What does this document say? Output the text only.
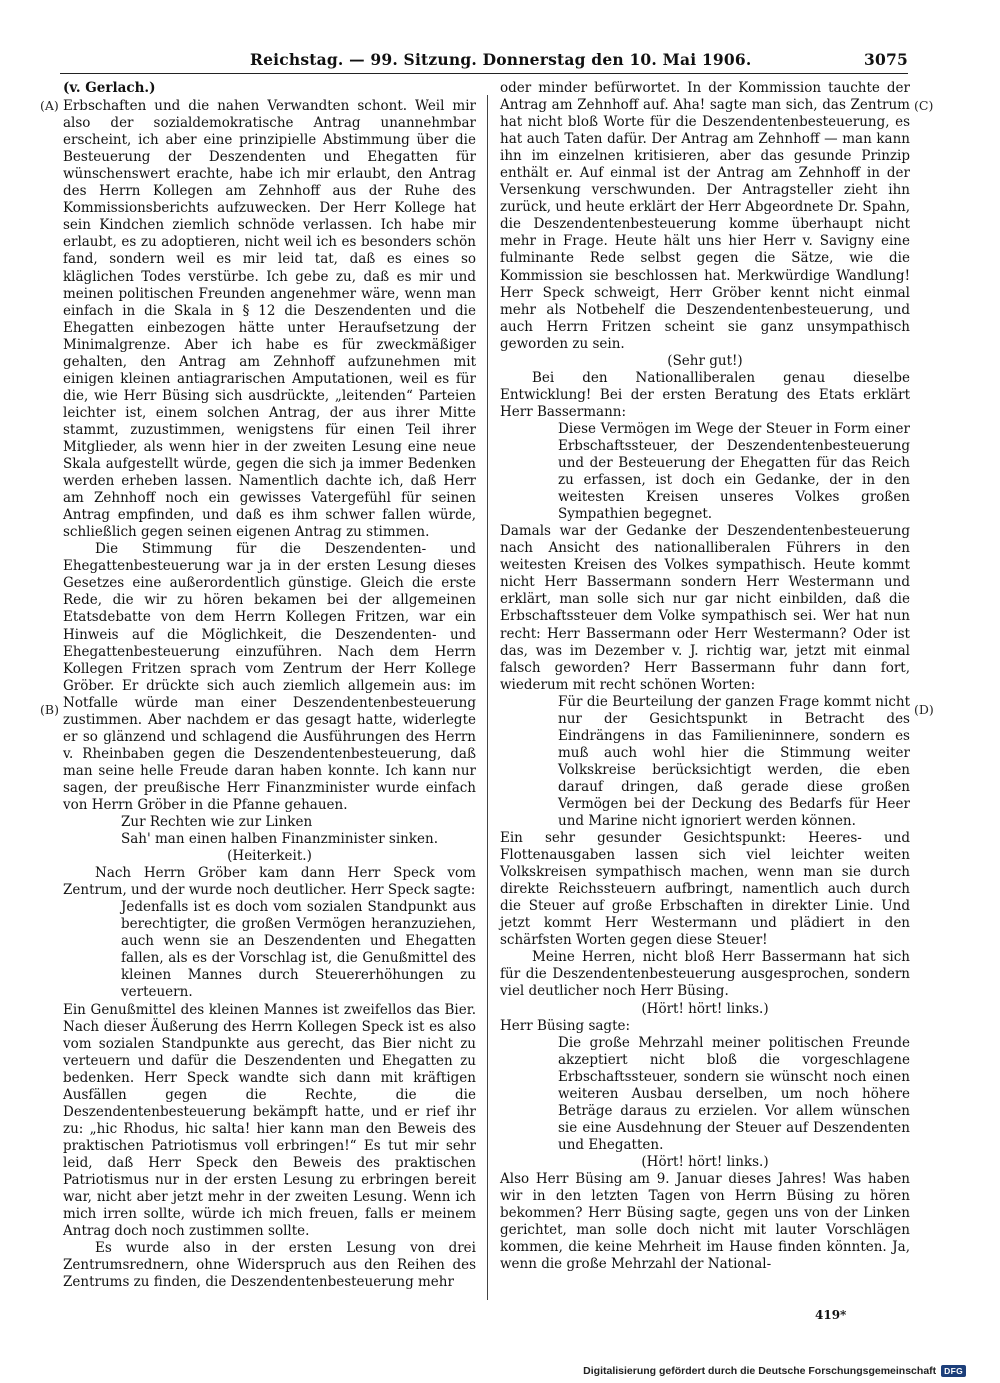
Reichstag. — 99. Sitzung. Donnerstag den 10. Mai 1906.	3075
(A)
(B)
(C)
(D)

(v. Gerlach.)

Erbschaften und die nahen Verwandten schont. Weil mir also der sozialdemokratische Antrag unannehmbar erscheint, ich aber eine prinzipielle Abstimmung über die Besteuerung der Deszendenten und Ehegatten für wünschenswert erachte, habe ich mir erlaubt, den Antrag des Herrn Kollegen am Zehnhoff aus der Ruhe des Kommissionsberichts aufzuwecken. Der Herr Kollege hat sein Kindchen ziemlich schnöde verlassen. Ich habe mir erlaubt, es zu adoptieren, nicht weil ich es besonders schön fand, sondern weil es mir leid tat, daß es eines so kläglichen Todes verstürbe. Ich gebe zu, daß es mir und meinen politischen Freunden angenehmer wäre, wenn man einfach in die Skala in § 12 die Deszendenten und die Ehegatten einbezogen hätte unter Heraufsetzung der Minimalgrenze. Aber ich habe es für zweckmäßiger gehalten, den Antrag am Zehnhoff aufzunehmen mit einigen kleinen antiagrarischen Amputationen, weil es für die, wie Herr Büsing sich ausdrückte, „leitenden“ Parteien leichter ist, einem solchen Antrag, der aus ihrer Mitte stammt, zuzustimmen, wenigstens für einen Teil ihrer Mitglieder, als wenn hier in der zweiten Lesung eine neue Skala aufgestellt würde, gegen die sich ja immer Bedenken werden erheben lassen. Namentlich dachte ich, daß Herr am Zehnhoff noch ein gewisses Vatergefühl für seinen Antrag empfinden, und daß es ihm schwer fallen würde, schließlich gegen seinen eigenen Antrag zu stimmen.

Die Stimmung für die Deszendenten- und Ehegattenbesteuerung war ja in der ersten Lesung dieses Gesetzes eine außerordentlich günstige. Gleich die erste Rede, die wir zu hören bekamen bei der allgemeinen Etatsdebatte von dem Herrn Kollegen Fritzen, war ein Hinweis auf die Möglichkeit, die Deszendenten- und Ehegattenbesteuerung einzuführen. Nach dem Herrn Kollegen Fritzen sprach vom Zentrum der Herr Kollege Gröber. Er drückte sich auch ziemlich allgemein aus: im Notfalle würde man einer Deszendentenbesteuerung zustimmen. Aber nachdem er das gesagt hatte, widerlegte er so glänzend und schlagend die Ausführungen des Herrn v. Rheinbaben gegen die Deszendentenbesteuerung, daß man seine helle Freude daran haben konnte. Ich kann nur sagen, der preußische Herr Finanzminister wurde einfach von Herrn Gröber in die Pfanne gehauen.

Zur Rechten wie zur Linken

Sah' man einen halben Finanzminister sinken.

(Heiterkeit.)

Nach Herrn Gröber kam dann Herr Speck vom Zentrum, und der wurde noch deutlicher. Herr Speck sagte:

Jedenfalls ist es doch vom sozialen Standpunkt aus berechtigter, die großen Vermögen heranzuziehen, auch wenn sie an Deszendenten und Ehegatten fallen, als es der Vorschlag ist, die Genußmittel des kleinen Mannes durch Steuererhöhungen zu verteuern.

Ein Genußmittel des kleinen Mannes ist zweifellos das Bier. Nach dieser Äußerung des Herrn Kollegen Speck ist es also vom sozialen Standpunkte aus gerecht, das Bier nicht zu verteuern und dafür die Deszendenten und Ehegatten zu bedenken. Herr Speck wandte sich dann mit kräftigen Ausfällen gegen die Rechte, die die Deszendentenbesteuerung bekämpft hatte, und er rief ihr zu: „hic Rhodus, hic salta! hier kann man den Beweis des praktischen Patriotismus voll erbringen!“ Es tut mir sehr leid, daß Herr Speck den Beweis des praktischen Patriotismus nur in der ersten Lesung zu erbringen bereit war, nicht aber jetzt mehr in der zweiten Lesung. Wenn ich mich irren sollte, würde ich mich freuen, falls er meinem Antrag doch noch zustimmen sollte.

Es wurde also in der ersten Lesung von drei Zentrumsrednern, ohne Widerspruch aus den Reihen des Zentrums zu finden, die Deszendentenbesteuerung mehr

oder minder befürwortet. In der Kommission tauchte der Antrag am Zehnhoff auf. Aha! sagte man sich, das Zentrum hat nicht bloß Worte für die Deszendentenbesteuerung, es hat auch Taten dafür. Der Antrag am Zehnhoff — man kann ihn im einzelnen kritisieren, aber das gesunde Prinzip enthält er. Auf einmal ist der Antrag am Zehnhoff in der Versenkung verschwunden. Der Antragsteller zieht ihn zurück, und heute erklärt der Herr Abgeordnete Dr. Spahn, die Deszendentenbesteuerung komme überhaupt nicht mehr in Frage. Heute hält uns hier Herr v. Savigny eine fulminante Rede selbst gegen die Sätze, wie die Kommission sie beschlossen hat. Merkwürdige Wandlung! Herr Speck schweigt, Herr Gröber kennt nicht einmal mehr als Notbehelf die Deszendentenbesteuerung, und auch Herrn Fritzen scheint sie ganz unsympathisch geworden zu sein.

(Sehr gut!)

Bei den Nationalliberalen genau dieselbe Entwicklung! Bei der ersten Beratung des Etats erklärt Herr Bassermann:

Diese Vermögen im Wege der Steuer in Form einer Erbschaftssteuer, der Deszendentenbesteuerung und der Besteuerung der Ehegatten für das Reich zu erfassen, ist doch ein Gedanke, der in den weitesten Kreisen unseres Volkes großen Sympathien begegnet.

Damals war der Gedanke der Deszendentenbesteuerung nach Ansicht des nationalliberalen Führers in den weitesten Kreisen des Volkes sympathisch. Heute kommt nicht Herr Bassermann sondern Herr Westermann und erklärt, man solle sich nur gar nicht einbilden, daß die Erbschaftssteuer dem Volke sympathisch sei. Wer hat nun recht: Herr Bassermann oder Herr Westermann? Oder ist das, was im Dezember v. J. richtig war, jetzt mit einmal falsch geworden? Herr Bassermann fuhr dann fort, wiederum mit recht schönen Worten:

Für die Beurteilung der ganzen Frage kommt nicht nur der Gesichtspunkt in Betracht des Eindrängens in das Familieninnere, sondern es muß auch wohl hier die Stimmung weiter Volkskreise berücksichtigt werden, die eben darauf dringen, daß gerade diese großen Vermögen bei der Deckung des Bedarfs für Heer und Marine nicht ignoriert werden können.

Ein sehr gesunder Gesichtspunkt: Heeres- und Flottenausgaben lassen sich viel leichter weiten Volkskreisen sympathisch machen, wenn man sie durch direkte Reichssteuern aufbringt, namentlich auch durch die Steuer auf große Erbschaften in direkter Linie. Und jetzt kommt Herr Westermann und plädiert in den schärfsten Worten gegen diese Steuer!

Meine Herren, nicht bloß Herr Bassermann hat sich für die Deszendentenbesteuerung ausgesprochen, sondern viel deutlicher noch Herr Büsing.

(Hört! hört! links.)

Herr Büsing sagte:

Die große Mehrzahl meiner politischen Freunde akzeptiert nicht bloß die vorgeschlagene Erbschaftssteuer, sondern sie wünscht noch einen weiteren Ausbau derselben, um noch höhere Beträge daraus zu erzielen. Vor allem wünschen sie eine Ausdehnung der Steuer auf Deszendenten und Ehegatten.

(Hört! hört! links.)

Also Herr Büsing am 9. Januar dieses Jahres! Was haben wir in den letzten Tagen von Herrn Büsing zu hören bekommen? Herr Büsing sagte, gegen uns von der Linken gerichtet, man solle doch nicht mit lauter Vorschlägen kommen, die keine Mehrheit im Hause finden könnten. Ja, wenn die große Mehrzahl der National-

419*
Digitalisierung gefördert durch die Deutsche Forschungsgemeinschaft DFG
